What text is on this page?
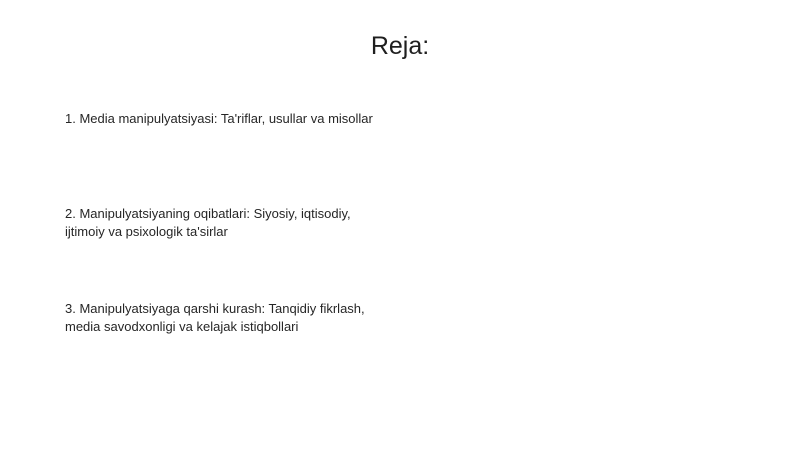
Reja:
1. Media manipulyatsiyasi: Ta'riflar, usullar va misollar
2. Manipulyatsiyaning oqibatlari: Siyosiy, iqtisodiy,
ijtimoiy va psixologik ta'sirlar
3. Manipulyatsiyaga qarshi kurash: Tanqidiy fikrlash,
media savodxonligi va kelajak istiqbollari
